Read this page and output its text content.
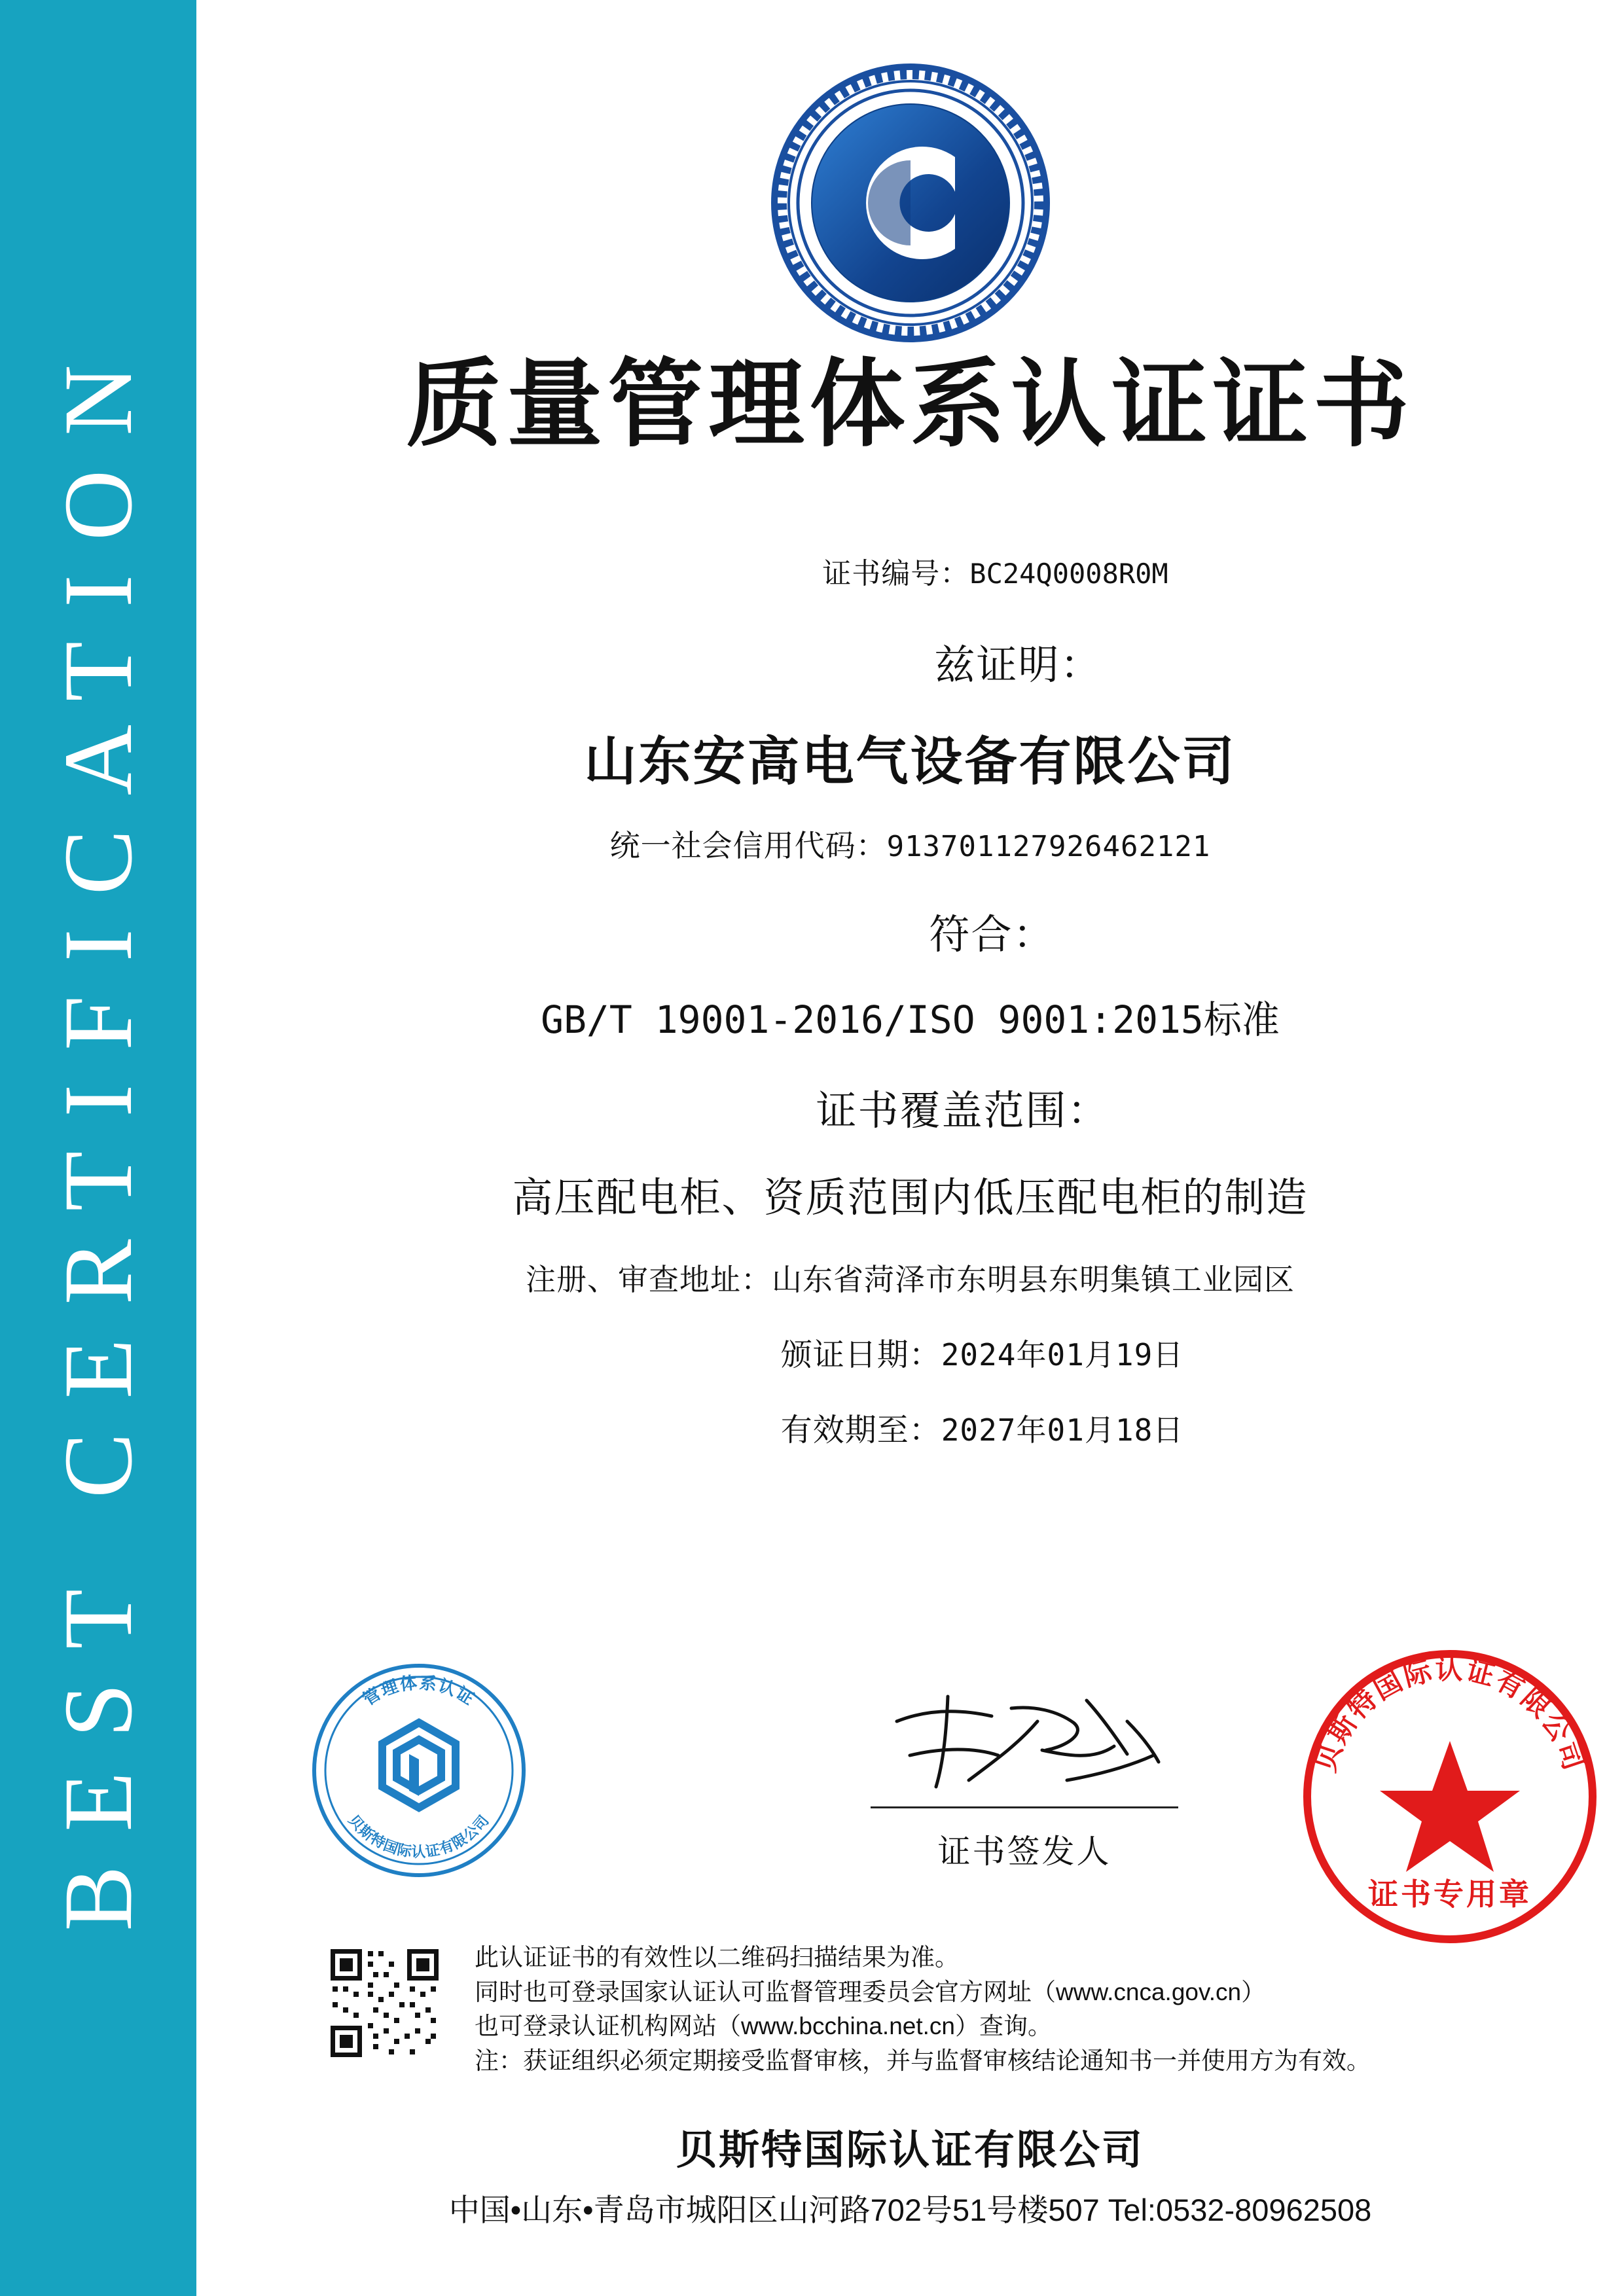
BEST CERTIFICATION	质量管理体系认证证书
证书编号：BC24Q0008R0M
兹证明：
山东安高电气设备有限公司
统一社会信用代码：913701127926462121
符合：
GB/T 19001-2016/ISO 9001:2015标准
证书覆盖范围：
高压配电柜、资质范围内低压配电柜的制造
注册、审查地址：山东省菏泽市东明县东明集镇工业园区
颁证日期：2024年01月19日
有效期至：2027年01月18日
管理体系认证
贝斯特国际认证有限公司
证书签发人
贝斯特国际认证有限公司
证书专用章
此认证证书的有效性以二维码扫描结果为准。
同时也可登录国家认证认可监督管理委员会官方网址（www.cnca.gov.cn）
也可登录认证机构网站（www.bcchina.net.cn）查询。
注：获证组织必须定期接受监督审核，并与监督审核结论通知书一并使用方为有效。
贝斯特国际认证有限公司
中国•山东•青岛市城阳区山河路702号51号楼507 Tel:0532-80962508
